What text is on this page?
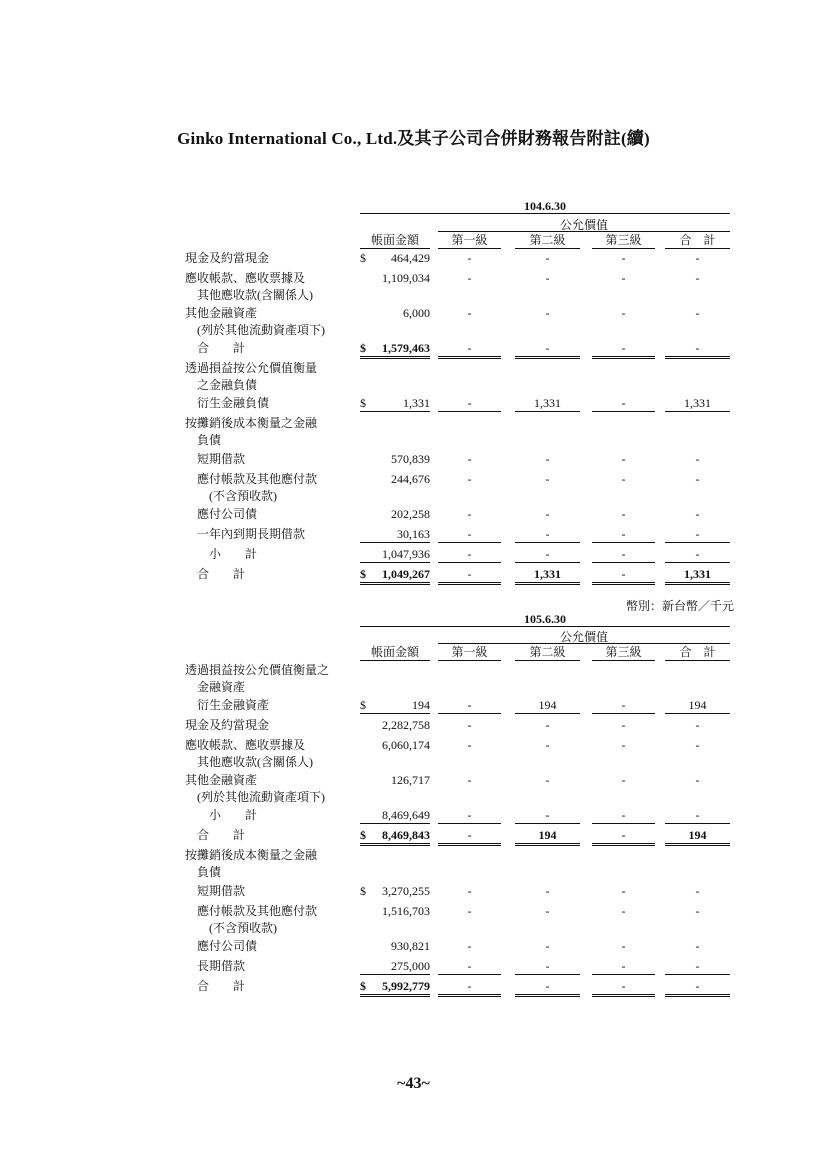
Ginko International Co., Ltd.及其子公司合併財務報告附註(續)
104.6.30
公允價值
帳面金額	第一級	第二級	第三級	合　計
現金及約當現金	464,429	-	-	-	-
$
應收帳款、應收票據及
　其他應收款(含關係人)
1,109,034	-	-	-	-
其他金融資產
　(列於其他流動資產項下)
6,000	-	-	-	-
　合　　計	1,579,463	-	-	-	-
$
透過損益按公允價值衡量
　之金融負債
　衍生金融負債	1,331	-	1,331	-	1,331
$
按攤銷後成本衡量之金融
　負債
　短期借款	570,839	-	-	-	-
　應付帳款及其他應付款
　　(不含預收款)
244,676	-	-	-	-
　應付公司債	202,258	-	-	-	-
　一年內到期長期借款	30,163	-	-	-	-
　　小　　計	1,047,936	-	-	-	-
　合　　計	1,049,267	-	1,331	-	1,331
$
幣別：新台幣／千元
105.6.30
公允價值
帳面金額	第一級	第二級	第三級	合　計
透過損益按公允價值衡量之
　金融資產
　衍生金融資產	194	-	194	-	194
$
現金及約當現金	2,282,758	-	-	-	-
應收帳款、應收票據及
　其他應收款(含關係人)
6,060,174	-	-	-	-
其他金融資產
　(列於其他流動資產項下)
126,717	-	-	-	-
　　小　　計	8,469,649	-	-	-	-
　合　　計	8,469,843	-	194	-	194
$
按攤銷後成本衡量之金融
　負債
　短期借款	3,270,255	-	-	-	-
$
　應付帳款及其他應付款
　　(不含預收款)
1,516,703	-	-	-	-
　應付公司債	930,821	-	-	-	-
　長期借款	275,000	-	-	-	-
　合　　計	5,992,779	-	-	-	-
$
~43~
